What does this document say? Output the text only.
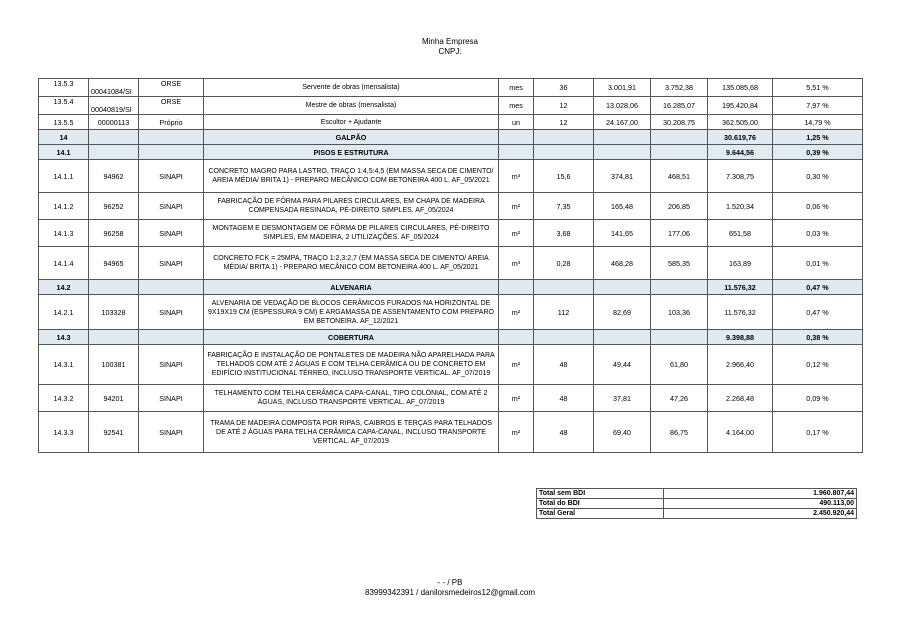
Minha Empresa
CNPJ:
13.5.3	00041084/SI	ORSE	Servente de obras (mensalista)	mes	36	3.001,91	3.752,38	135.085,68	5,51 %
13.5.4	00040819/SI	ORSE	Mestre de obras (mensalista)	mes	12	13.028,06	16.285,07	195.420,84	7,97 %
13.5.5	00000113	Próprio	Escultor + Ajudante	un	12	24.167,00	30.208,75	362.505,00	14,79 %
14			GALPÃO					30.619,76	1,25 %
14.1			PISOS E ESTRUTURA					9.644,56	0,39 %
14.1.1	94962	SINAPI	CONCRETO MAGRO PARA LASTRO, TRAÇO 1:4,5:4,5 (EM MASSA SECA DE CIMENTO/ AREIA MÉDIA/ BRITA 1) - PREPARO MECÂNICO COM BETONEIRA 400 L. AF_05/2021	m³	15,6	374,81	468,51	7.308,75	0,30 %
14.1.2	96252	SINAPI	FABRICAÇÃO DE FÔRMA PARA PILARES CIRCULARES, EM CHAPA DE MADEIRA COMPENSADA RESINADA, PÉ-DIREITO SIMPLES. AF_05/2024	m²	7,35	165,48	206,85	1.520,34	0,06 %
14.1.3	96258	SINAPI	MONTAGEM E DESMONTAGEM DE FÔRMA DE PILARES CIRCULARES, PÉ-DIREITO SIMPLES, EM MADEIRA, 2 UTILIZAÇÕES. AF_05/2024	m²	3,68	141,65	177,06	651,58	0,03 %
14.1.4	94965	SINAPI	CONCRETO FCK = 25MPA, TRAÇO 1:2,3:2,7 (EM MASSA SECA DE CIMENTO/ AREIA MÉDIA/ BRITA 1) - PREPARO MECÂNICO COM BETONEIRA 400 L. AF_05/2021	m³	0,28	468,28	585,35	163,89	0,01 %
14.2			ALVENARIA					11.576,32	0,47 %
14.2.1	103328	SINAPI	ALVENARIA DE VEDAÇÃO DE BLOCOS CERÂMICOS FURADOS NA HORIZONTAL DE 9X19X19 CM (ESPESSURA 9 CM) E ARGAMASSA DE ASSENTAMENTO COM PREPARO EM BETONEIRA. AF_12/2021	m²	112	82,69	103,36	11.576,32	0,47 %
14.3			COBERTURA					9.398,88	0,38 %
14.3.1	100381	SINAPI	FABRICAÇÃO E INSTALAÇÃO DE PONTALETES DE MADEIRA NÃO APARELHADA PARA TELHADOS COM ATÉ 2 ÁGUAS E COM TELHA CERÂMICA OU DE CONCRETO EM EDIFÍCIO INSTITUCIONAL TÉRREO, INCLUSO TRANSPORTE VERTICAL. AF_07/2019	m²	48	49,44	61,80	2.966,40	0,12 %
14.3.2	94201	SINAPI	TELHAMENTO COM TELHA CERÂMICA CAPA-CANAL, TIPO COLONIAL, COM ATÉ 2 ÁGUAS, INCLUSO TRANSPORTE VERTICAL. AF_07/2019	m²	48	37,81	47,26	2.268,48	0,09 %
14.3.3	92541	SINAPI	TRAMA DE MADEIRA COMPOSTA POR RIPAS, CAIBROS E TERÇAS PARA TELHADOS DE ATÉ 2 ÁGUAS PARA TELHA CERÂMICA CAPA-CANAL, INCLUSO TRANSPORTE VERTICAL. AF_07/2019	m²	48	69,40	86,75	4.164,00	0,17 %
Total sem BDI	1.960.807,44
Total do BDI	490.113,00
Total Geral	2.450.920,44
- - / PB
83999342391 / danilorsmedeiros12@gmail.com
